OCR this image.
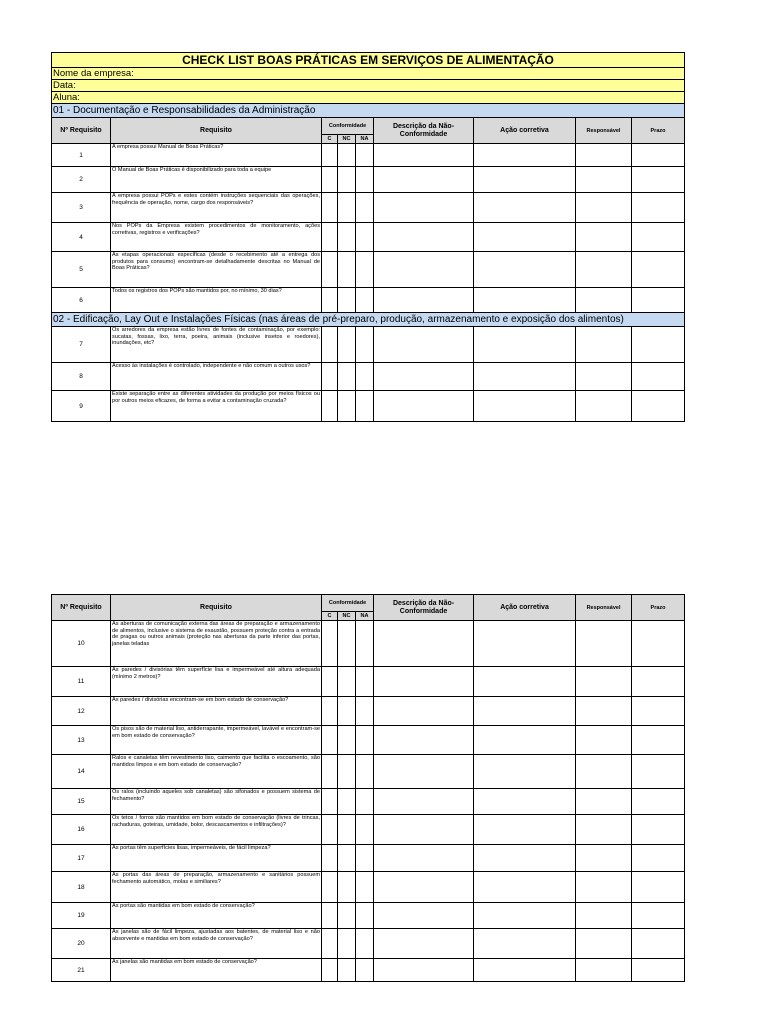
CHECK LIST BOAS PRÁTICAS EM SERVIÇOS DE ALIMENTAÇÃO								
Nome da empresa:								
Data:								
Aluna:								
01 - Documentação e Responsabilidades da Administração								
Nº Requisito	Requisito	Conformidade			Descrição da Não-Conformidade	Ação corretiva	Responsável	Prazo
		C	NC	NA				
1	A empresa possui Manual de Boas Práticas?							
2	O Manual de Boas Práticas é disponibilizado para toda a equipe							
3	A empresa possui POPs e estes contém instruções sequenciais das operações, frequência de operação, nome, cargo dos responsáveis?							
4	Nos POPs da Empresa existem procedimentos de monitoramento, ações corretivas, registros e verificações?							
5	As etapas operacionais específicas (desde o recebimento até a entrega dos produtos para consumo) encontram-se detalhadamente descritas no Manual de Boas Práticas?							
6	Todos os registros dos POPs são mantidos por, no mínimo, 30 dias?							
02 - Edificação, Lay Out e Instalações Físicas (nas áreas de pré-preparo, produção, armazenamento e exposição dos alimentos)								
7	Os arredores da empresa estão livres de fontes de contaminação, por exemplo: sucatas, fossas, lixo, terra, poeira, animais (inclusive insetos e roedores), inundações, etc?							
8	Acesso às instalações é controlado, independente e não comum a outros usos?							
9	Existe separação entre as diferentes atividades da produção por meios físicos ou por outros meios eficazes, de forma a evitar a contaminação cruzada?							
Nº Requisito	Requisito	Conformidade			Descrição da Não-Conformidade	Ação corretiva	Responsável	Prazo
		C	NC	NA				
10	As aberturas de comunicação externa das áreas de preparação e armazenamento de alimentos, inclusive o sistema de exaustão, possuem proteção contra a entrada de pragas ou outros animais (proteção nas aberturas da parte inferior das portas, janelas teladas							
11	As paredes / divisórias têm superfície lisa e impermeável até altura adequada (mínimo 2 metros)?							
12	As paredes / divisórias encontram-se em bom estado de conservação?							
13	Os pisos são de material liso, antiderrapante, impermeável, lavável e encontram-se em bom estado de conservação?							
14	Ralos e canaletas têm revestimento liso, caimento que facilita o escoamento, são mantidos limpos e em bom estado de conservação?							
15	Os ralos (incluindo aqueles sob canaletas) são sifonados e possuem sistema de fechamento?							
16	Os tetos / forros são mantidos em bom estado de conservação (livres de trincas, rachaduras, goteiras, umidade, bolor, descascamentos e infiltrações)?							
17	As portas têm superfícies lisas, impermeáveis, de fácil limpeza?							
18	As portas das áreas de preparação, armazenamento e sanitários possuem fechamento automático, molas e similiares?							
19	As portas são mantidas em bom estado de conservação?							
20	As janelas são de fácil limpeza, ajustadas aos batentes, de material liso e não absorvente e mantidas em bom estado de conservação?							
21	As janelas são mantidas em bom estado de conservação?							
